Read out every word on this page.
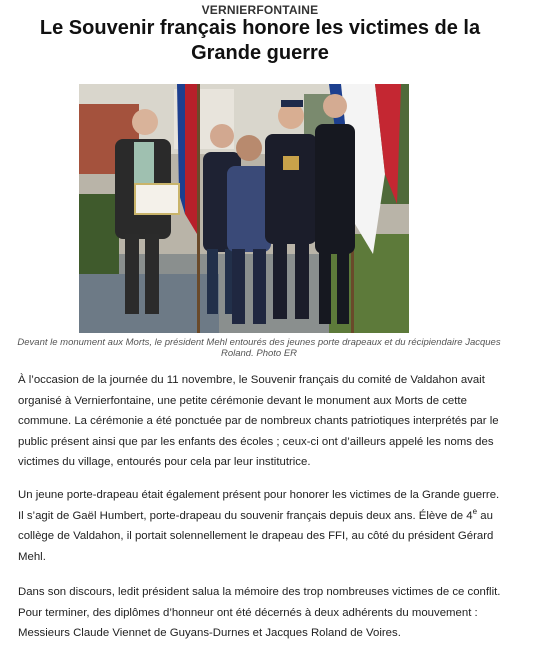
VERNIERFONTAINE
Le Souvenir français honore les victimes de la Grande guerre

Devant le monument aux Morts, le président Mehl entourés des jeunes porte drapeaux et du récipiendaire Jacques Roland. Photo ER

À l’occasion de la journée du 11 novembre, le Souvenir français du comité de Valdahon avait organisé à Vernierfontaine, une petite cérémonie devant le monument aux Morts de cette commune. La cérémonie a été ponctuée par de nombreux chants patriotiques interprétés par le public présent ainsi que par les enfants des écoles ; ceux-ci ont d’ailleurs appelé les noms des victimes du village, entourés pour cela par leur institutrice.

Un jeune porte-drapeau était également présent pour honorer les victimes de la Grande guerre. Il s’agit de Gaël Humbert, porte-drapeau du souvenir français depuis deux ans. Élève de 4e au collège de Valdahon, il portait solennellement le drapeau des FFI, au côté du président Gérard Mehl.

Dans son discours, ledit président salua la mémoire des trop nombreuses victimes de ce conflit. Pour terminer, des diplômes d’honneur ont été décernés à deux adhérents du mouvement : Messieurs Claude Viennet de Guyans-Durnes et Jacques Roland de Voires.
